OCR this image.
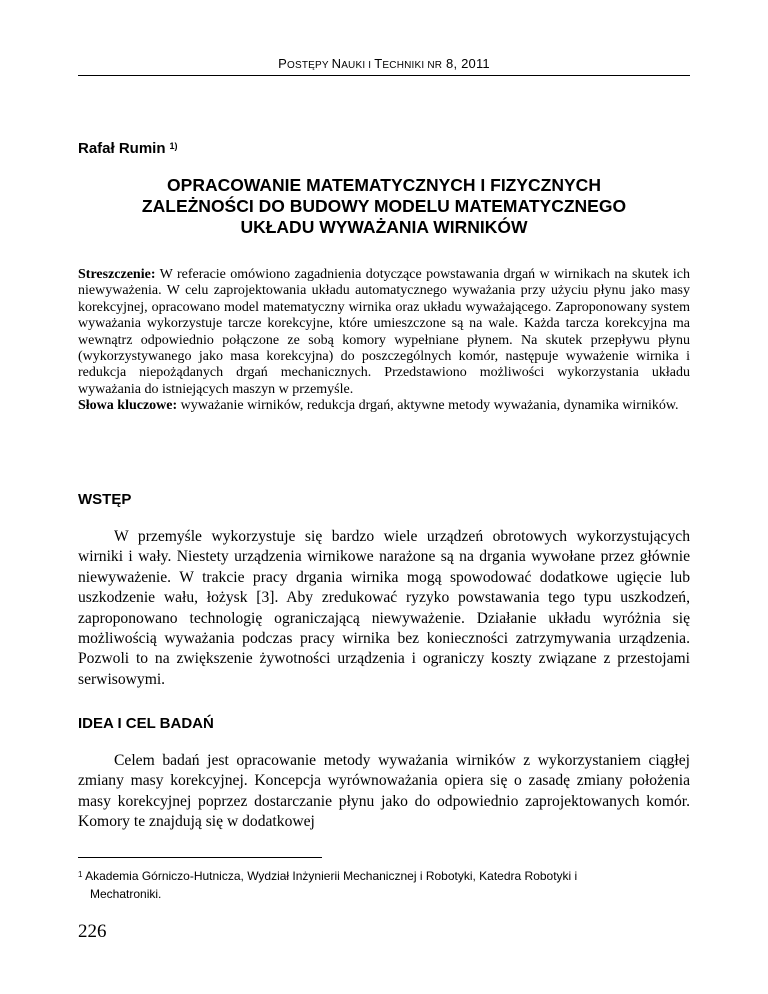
POSTĘPY NAUKI I TECHNIKI NR 8, 2011
Rafał Rumin $^{1)}$
OPRACOWANIE MATEMATYCZNYCH I FIZYCZNYCH
ZALEŻNOŚCI DO BUDOWY MODELU MATEMATYCZNEGO
UKŁADU WYWAŻANIA WIRNIKÓW
Streszczenie: W referacie omówiono zagadnienia dotyczące powstawania drgań w wirnikach na skutek ich niewyważenia. W celu zaprojektowania układu automatycznego wyważania przy użyciu płynu jako masy korekcyjnej, opracowano model matematyczny wirnika oraz układu wyważającego. Zaproponowany system wyważania wykorzystuje tarcze korekcyjne, które umieszczone są na wale. Każda tarcza korekcyjna ma wewnątrz odpowiednio połączone ze sobą komory wypełniane płynem. Na skutek przepływu płynu (wykorzystywanego jako masa korekcyjna) do poszczególnych komór, następuje wyważenie wirnika i redukcja niepożądanych drgań mechanicznych. Przedstawiono możliwości wykorzystania układu wyważania do istniejących maszyn w przemyśle.
Słowa kluczowe: wyważanie wirników, redukcja drgań, aktywne metody wyważania, dynamika wirników.
WSTĘP
W przemyśle wykorzystuje się bardzo wiele urządzeń obrotowych wykorzystujących wirniki i wały. Niestety urządzenia wirnikowe narażone są na drgania wywołane przez głównie niewyważenie. W trakcie pracy drgania wirnika mogą spowodować dodatkowe ugięcie lub uszkodzenie wału, łożysk [3]. Aby zredukować ryzyko powstawania tego typu uszkodzeń, zaproponowano technologię ograniczającą niewyważenie. Działanie układu wyróżnia się możliwością wyważania podczas pracy wirnika bez konieczności zatrzymywania urządzenia. Pozwoli to na zwiększenie żywotności urządzenia i ograniczy koszty związane z przestojami serwisowymi.
IDEA I CEL BADAŃ
Celem badań jest opracowanie metody wyważania wirników z wykorzystaniem ciągłej zmiany masy korekcyjnej. Koncepcja wyrównoważania opiera się o zasadę zmiany położenia masy korekcyjnej poprzez dostarczanie płynu jako do odpowiednio zaprojektowanych komór. Komory te znajdują się w dodatkowej
$^1$ Akademia Górniczo-Hutnicza, Wydział Inżynierii Mechanicznej i Robotyki, Katedra Robotyki i
Mechatroniki.
226
